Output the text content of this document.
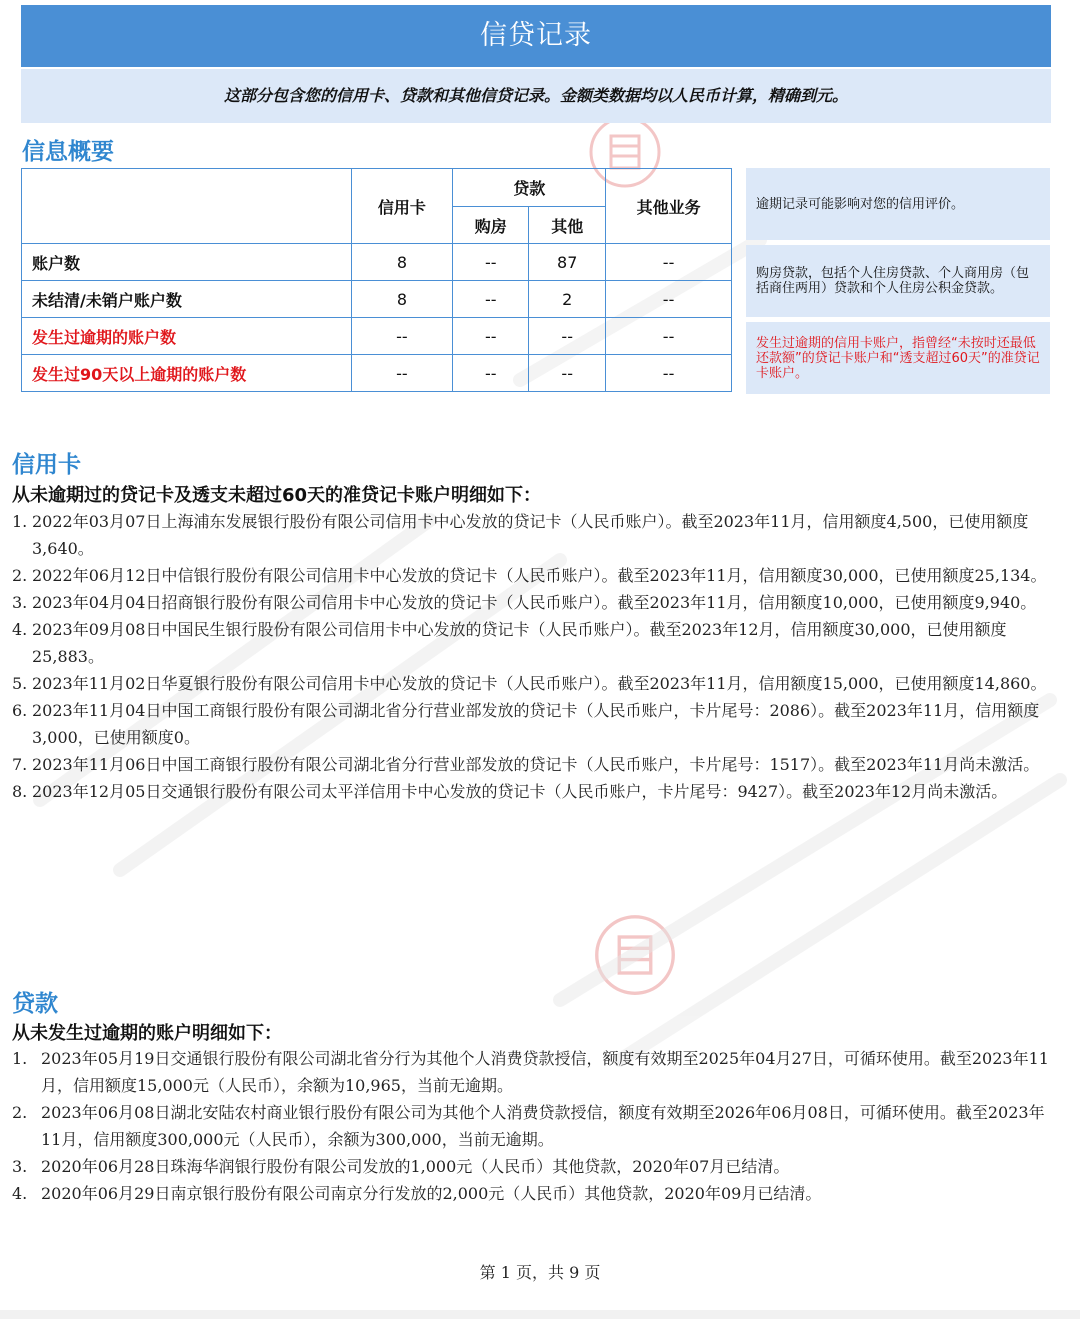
信贷记录
这部分包含您的信用卡、贷款和其他信贷记录。金额类数据均以人民币计算，精确到元。
信息概要
	信用卡	贷款		其他业务
		购房	其他	
账户数	8	--	87	--
未结清/未销户账户数	8	--	2	--
发生过逾期的账户数	--	--	--	--
发生过90天以上逾期的账户数	--	--	--	--
逾期记录可能影响对您的信用评价。
购房贷款，包括个人住房贷款、个人商用房（包括商住两用）贷款和个人住房公积金贷款。
发生过逾期的信用卡账户，指曾经“未按时还最低还款额”的贷记卡账户和“透支超过60天”的准贷记卡账户。
信用卡
从未逾期过的贷记卡及透支未超过60天的准贷记卡账户明细如下：
1. 2022年03月07日上海浦东发展银行股份有限公司信用卡中心发放的贷记卡（人民币账户）。截至2023年11月，信用额度4,500，已使用额度3,640。
2. 2022年06月12日中信银行股份有限公司信用卡中心发放的贷记卡（人民币账户）。截至2023年11月，信用额度30,000，已使用额度25,134。
3. 2023年04月04日招商银行股份有限公司信用卡中心发放的贷记卡（人民币账户）。截至2023年11月，信用额度10,000，已使用额度9,940。
4. 2023年09月08日中国民生银行股份有限公司信用卡中心发放的贷记卡（人民币账户）。截至2023年12月，信用额度30,000，已使用额度25,883。
5. 2023年11月02日华夏银行股份有限公司信用卡中心发放的贷记卡（人民币账户）。截至2023年11月，信用额度15,000，已使用额度14,860。
6. 2023年11月04日中国工商银行股份有限公司湖北省分行营业部发放的贷记卡（人民币账户，卡片尾号：2086）。截至2023年11月，信用额度3,000，已使用额度0。
7. 2023年11月06日中国工商银行股份有限公司湖北省分行营业部发放的贷记卡（人民币账户，卡片尾号：1517）。截至2023年11月尚未激活。
8. 2023年12月05日交通银行股份有限公司太平洋信用卡中心发放的贷记卡（人民币账户，卡片尾号：9427）。截至2023年12月尚未激活。
贷款
从未发生过逾期的账户明细如下：
1. 2023年05月19日交通银行股份有限公司湖北省分行为其他个人消费贷款授信，额度有效期至2025年04月27日，可循环使用。截至2023年11月，信用额度15,000元（人民币），余额为10,965，当前无逾期。
2. 2023年06月08日湖北安陆农村商业银行股份有限公司为其他个人消费贷款授信，额度有效期至2026年06月08日，可循环使用。截至2023年11月，信用额度300,000元（人民币），余额为300,000，当前无逾期。
3. 2020年06月28日珠海华润银行股份有限公司发放的1,000元（人民币）其他贷款，2020年07月已结清。
4. 2020年06月29日南京银行股份有限公司南京分行发放的2,000元（人民币）其他贷款，2020年09月已结清。
第 1 页，共 9 页
